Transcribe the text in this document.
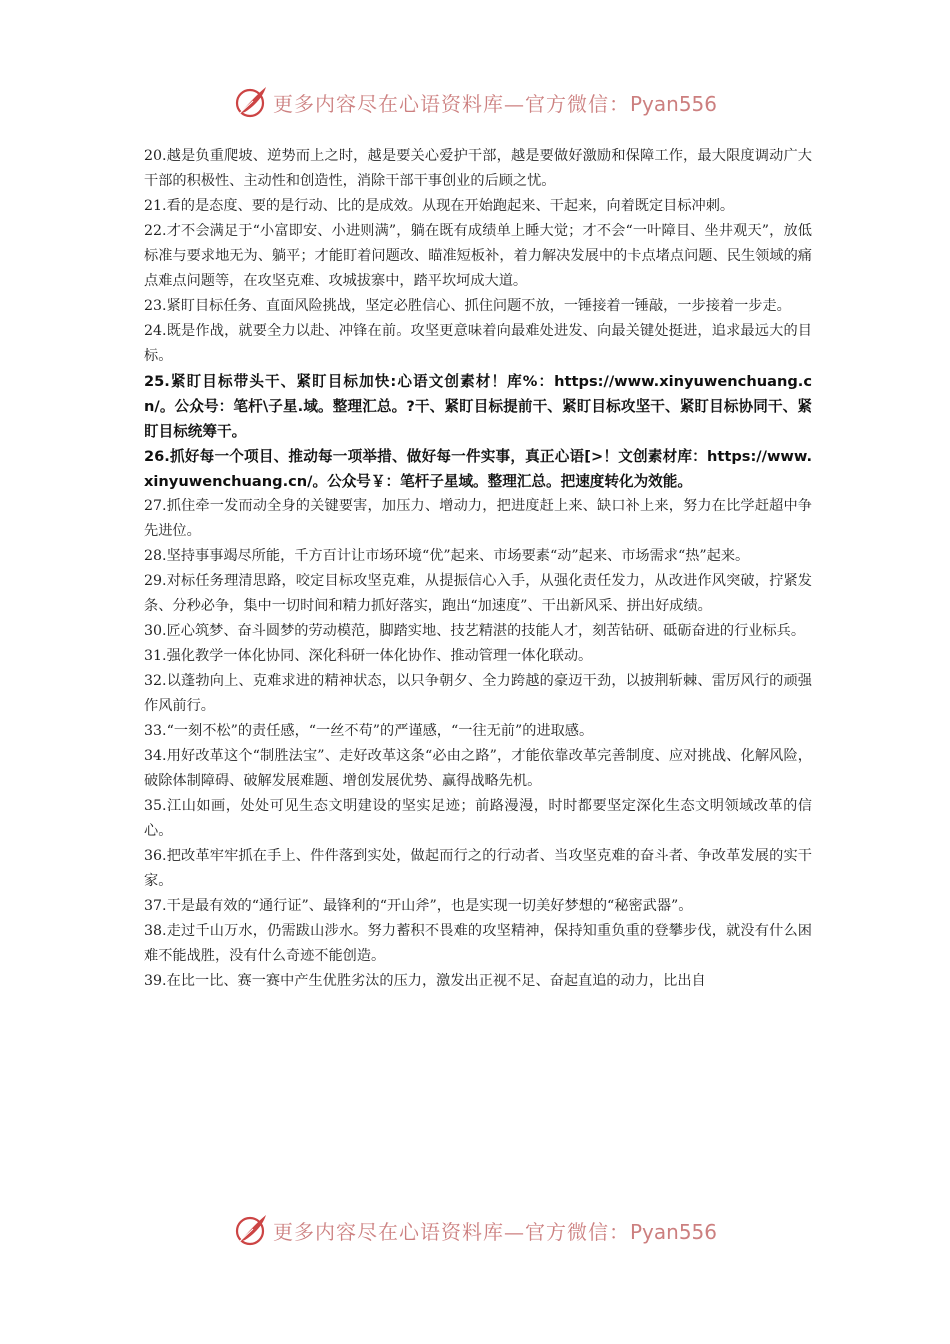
更多内容尽在心语资料库—官方微信：Pyan556

20.越是负重爬坡、逆势而上之时，越是要关心爱护干部，越是要做好激励和保障工作，最大限度调动广大干部的积极性、主动性和创造性，消除干部干事创业的后顾之忧。

21.看的是态度、要的是行动、比的是成效。从现在开始跑起来、干起来，向着既定目标冲刺。

22.才不会满足于“小富即安、小进则满”，躺在既有成绩单上睡大觉；才不会“一叶障目、坐井观天”，放低标准与要求地无为、躺平；才能盯着问题改、瞄准短板补，着力解决发展中的卡点堵点问题、民生领域的痛点难点问题等，在攻坚克难、攻城拔寨中，踏平坎坷成大道。

23.紧盯目标任务、直面风险挑战，坚定必胜信心、抓住问题不放，一锤接着一锤敲，一步接着一步走。

24.既是作战，就要全力以赴、冲锋在前。攻坚更意味着向最难处进发、向最关键处挺进，追求最远大的目标。

25.紧盯目标带头干、紧盯目标加快:心语文创素材！库%：https://www.xinyuwenchuang.cn/。公众号：笔杆\子星.域。整理汇总。?干、紧盯目标提前干、紧盯目标攻坚干、紧盯目标协同干、紧盯目标统筹干。

26.抓好每一个项目、推动每一项举措、做好每一件实事，真正心语[>！文创素材库：https://www.xinyuwenchuang.cn/。公众号￥：笔杆子星域。整理汇总。把速度转化为效能。

27.抓住牵一发而动全身的关键要害，加压力、增动力，把进度赶上来、缺口补上来，努力在比学赶超中争先进位。

28.坚持事事竭尽所能，千方百计让市场环境“优”起来、市场要素“动”起来、市场需求“热”起来。

29.对标任务理清思路，咬定目标攻坚克难，从提振信心入手，从强化责任发力，从改进作风突破，拧紧发条、分秒必争，集中一切时间和精力抓好落实，跑出“加速度”、干出新风采、拼出好成绩。

30.匠心筑梦、奋斗圆梦的劳动模范，脚踏实地、技艺精湛的技能人才，刻苦钻研、砥砺奋进的行业标兵。

31.强化教学一体化协同、深化科研一体化协作、推动管理一体化联动。

32.以蓬勃向上、克难求进的精神状态，以只争朝夕、全力跨越的豪迈干劲，以披荆斩棘、雷厉风行的顽强作风前行。

33.“一刻不松”的责任感，“一丝不苟”的严谨感，“一往无前”的进取感。

34.用好改革这个“制胜法宝”、走好改革这条“必由之路”，才能依靠改革完善制度、应对挑战、化解风险，破除体制障碍、破解发展难题、增创发展优势、赢得战略先机。

35.江山如画，处处可见生态文明建设的坚实足迹；前路漫漫，时时都要坚定深化生态文明领域改革的信心。

36.把改革牢牢抓在手上、件件落到实处，做起而行之的行动者、当攻坚克难的奋斗者、争改革发展的实干家。

37.干是最有效的“通行证”、最锋利的“开山斧”，也是实现一切美好梦想的“秘密武器”。

38.走过千山万水，仍需跋山涉水。努力蓄积不畏难的攻坚精神，保持知重负重的登攀步伐，就没有什么困难不能战胜，没有什么奇迹不能创造。

39.在比一比、赛一赛中产生优胜劣汰的压力，激发出正视不足、奋起直追的动力，比出自

更多内容尽在心语资料库—官方微信：Pyan556
